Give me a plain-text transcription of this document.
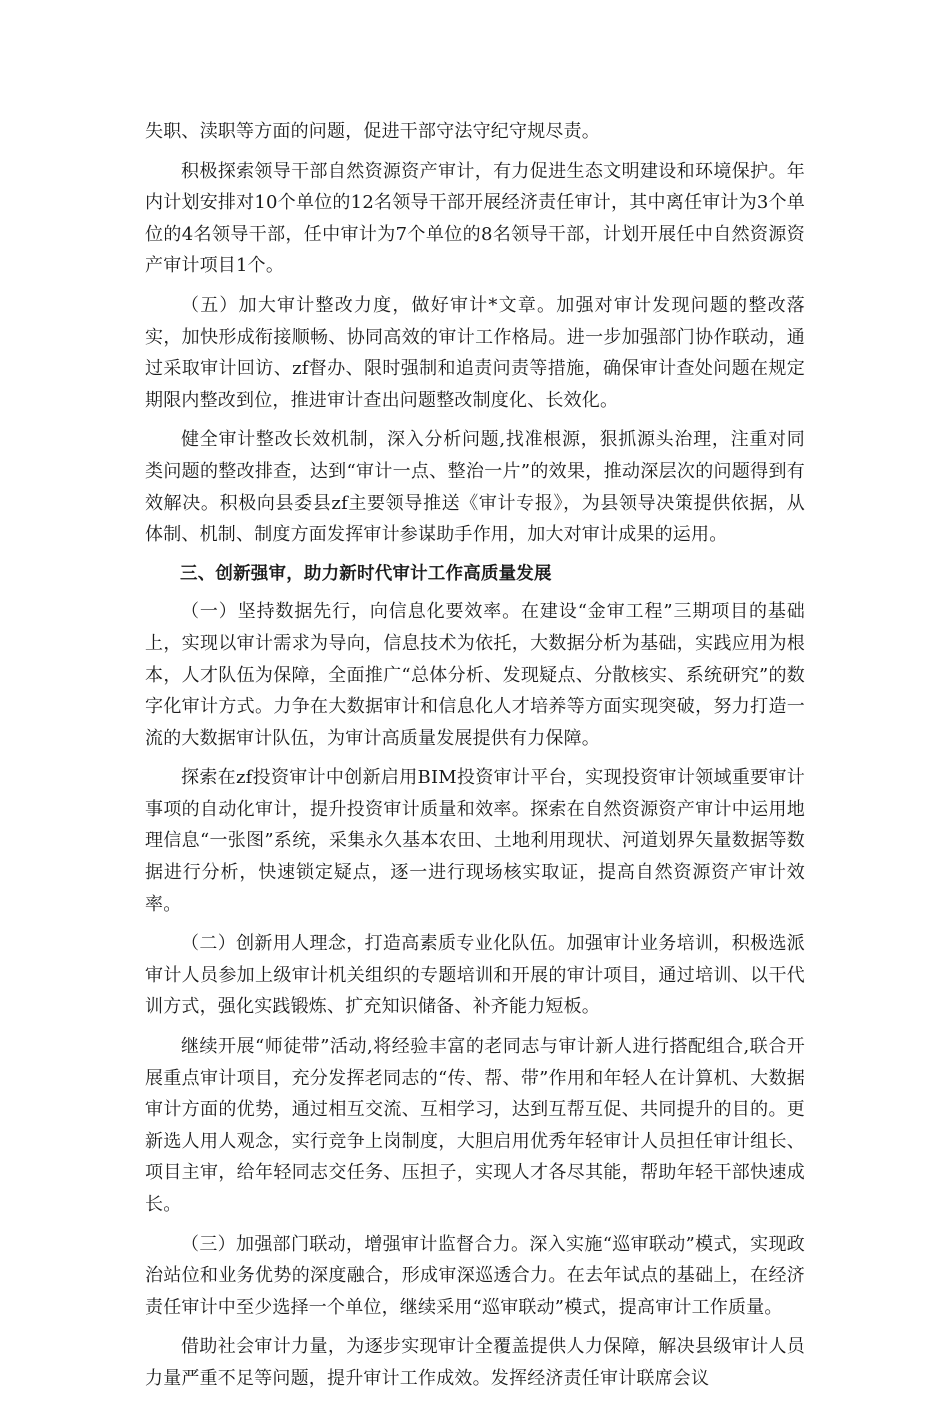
失职、渎职等方面的问题，促进干部守法守纪守规尽责。

积极探索领导干部自然资源资产审计，有力促进生态文明建设和环境保护。年内计划安排对10个单位的12名领导干部开展经济责任审计，其中离任审计为3个单位的4名领导干部，任中审计为7个单位的8名领导干部，计划开展任中自然资源资产审计项目1个。

（五）加大审计整改力度，做好审计*文章。加强对审计发现问题的整改落实，加快形成衔接顺畅、协同高效的审计工作格局。进一步加强部门协作联动，通过采取审计回访、zf督办、限时强制和追责问责等措施，确保审计查处问题在规定期限内整改到位，推进审计查出问题整改制度化、长效化。

健全审计整改长效机制，深入分析问题,找准根源，狠抓源头治理，注重对同类问题的整改排查，达到“审计一点、整治一片”的效果，推动深层次的问题得到有效解决。积极向县委县zf主要领导推送《审计专报》，为县领导决策提供依据，从体制、机制、制度方面发挥审计参谋助手作用，加大对审计成果的运用。

三、创新强审，助力新时代审计工作高质量发展

（一）坚持数据先行，向信息化要效率。在建设“金审工程”三期项目的基础上，实现以审计需求为导向，信息技术为依托，大数据分析为基础，实践应用为根本，人才队伍为保障，全面推广“总体分析、发现疑点、分散核实、系统研究”的数字化审计方式。力争在大数据审计和信息化人才培养等方面实现突破，努力打造一流的大数据审计队伍，为审计高质量发展提供有力保障。

探索在zf投资审计中创新启用BIM投资审计平台，实现投资审计领域重要审计事项的自动化审计，提升投资审计质量和效率。探索在自然资源资产审计中运用地理信息“一张图”系统，采集永久基本农田、土地利用现状、河道划界矢量数据等数据进行分析，快速锁定疑点，逐一进行现场核实取证，提高自然资源资产审计效率。

（二）创新用人理念，打造高素质专业化队伍。加强审计业务培训，积极选派审计人员参加上级审计机关组织的专题培训和开展的审计项目，通过培训、以干代训方式，强化实践锻炼、扩充知识储备、补齐能力短板。

继续开展“师徒带”活动,将经验丰富的老同志与审计新人进行搭配组合,联合开展重点审计项目，充分发挥老同志的“传、帮、带”作用和年轻人在计算机、大数据审计方面的优势，通过相互交流、互相学习，达到互帮互促、共同提升的目的。更新选人用人观念，实行竞争上岗制度，大胆启用优秀年轻审计人员担任审计组长、项目主审，给年轻同志交任务、压担子，实现人才各尽其能，帮助年轻干部快速成长。

（三）加强部门联动，增强审计监督合力。深入实施“巡审联动”模式，实现政治站位和业务优势的深度融合，形成审深巡透合力。在去年试点的基础上，在经济责任审计中至少选择一个单位，继续采用“巡审联动”模式，提高审计工作质量。

借助社会审计力量，为逐步实现审计全覆盖提供人力保障，解决县级审计人员力量严重不足等问题，提升审计工作成效。发挥经济责任审计联席会议
